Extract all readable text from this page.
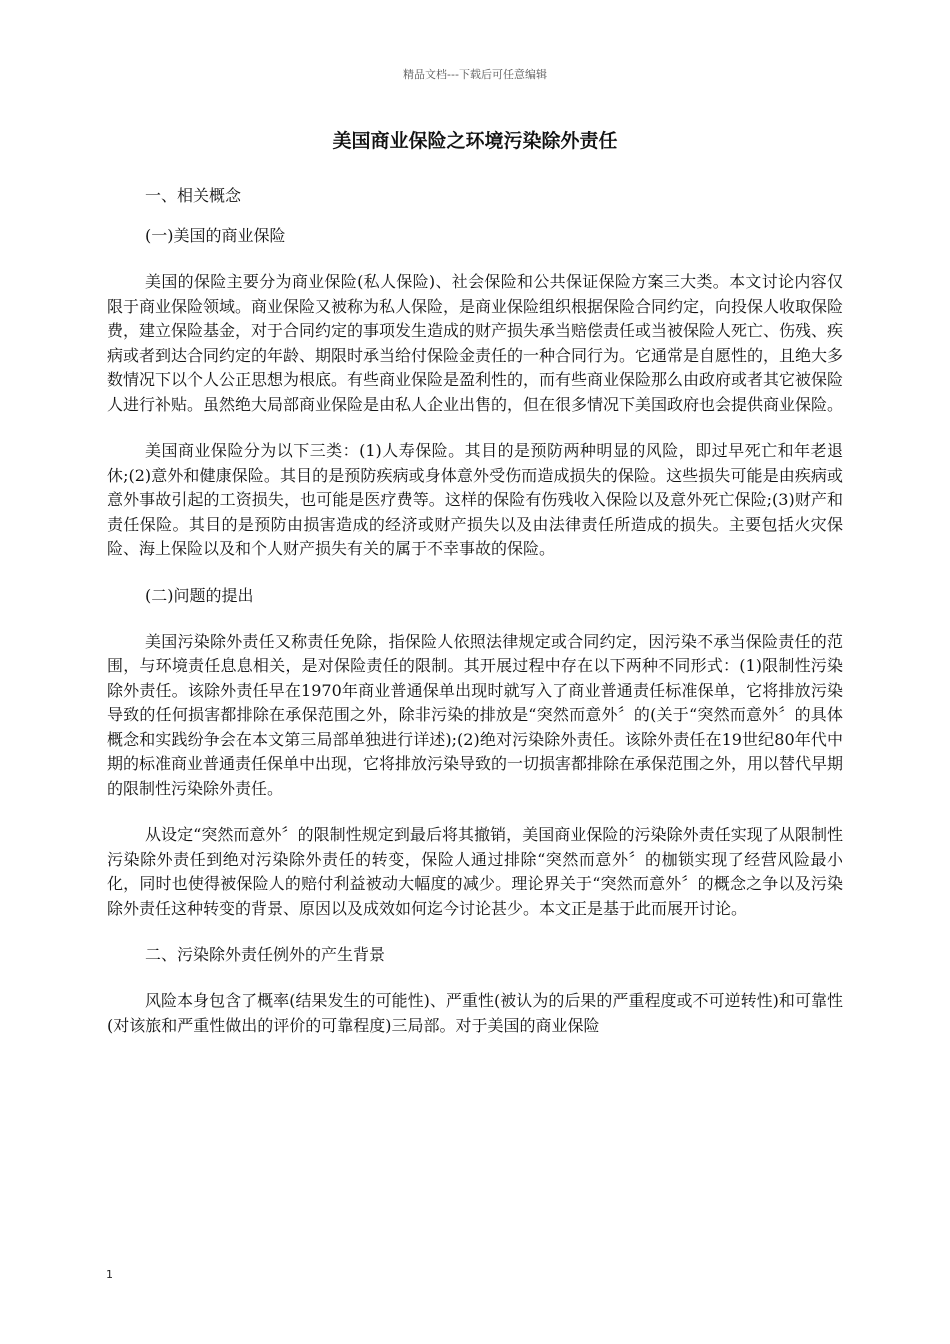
精品文档---下载后可任意编辑
美国商业保险之环境污染除外责任

一、相关概念

(一)美国的商业保险

美国的保险主要分为商业保险(私人保险)、社会保险和公共保证保险方案三大类。本文讨论内容仅限于商业保险领域。商业保险又被称为私人保险，是商业保险组织根据保险合同约定，向投保人收取保险费，建立保险基金，对于合同约定的事项发生造成的财产损失承当赔偿责任或当被保险人死亡、伤残、疾病或者到达合同约定的年龄、期限时承当给付保险金责任的一种合同行为。它通常是自愿性的，且绝大多数情况下以个人公正思想为根底。有些商业保险是盈利性的，而有些商业保险那么由政府或者其它被保险人进行补贴。虽然绝大局部商业保险是由私人企业出售的，但在很多情况下美国政府也会提供商业保险。

美国商业保险分为以下三类：(1)人寿保险。其目的是预防两种明显的风险，即过早死亡和年老退休;(2)意外和健康保险。其目的是预防疾病或身体意外受伤而造成损失的保险。这些损失可能是由疾病或意外事故引起的工资损失，也可能是医疗费等。这样的保险有伤残收入保险以及意外死亡保险;(3)财产和责任保险。其目的是预防由损害造成的经济或财产损失以及由法律责任所造成的损失。主要包括火灾保险、海上保险以及和个人财产损失有关的属于不幸事故的保险。

(二)问题的提出

美国污染除外责任又称责任免除，指保险人依照法律规定或合同约定，因污染不承当保险责任的范围，与环境责任息息相关，是对保险责任的限制。其开展过程中存在以下两种不同形式：(1)限制性污染除外责任。该除外责任早在1970年商业普通保单出现时就写入了商业普通责任标准保单，它将排放污染导致的任何损害都排除在承保范围之外，除非污染的排放是“突然而意外〞的(关于“突然而意外〞的具体概念和实践纷争会在本文第三局部单独进行详述);(2)绝对污染除外责任。该除外责任在19世纪80年代中期的标准商业普通责任保单中出现，它将排放污染导致的一切损害都排除在承保范围之外，用以替代早期的限制性污染除外责任。

从设定“突然而意外〞的限制性规定到最后将其撤销，美国商业保险的污染除外责任实现了从限制性污染除外责任到绝对污染除外责任的转变，保险人通过排除“突然而意外〞的枷锁实现了经营风险最小化，同时也使得被保险人的赔付利益被动大幅度的减少。理论界关于“突然而意外〞的概念之争以及污染除外责任这种转变的背景、原因以及成效如何迄今讨论甚少。本文正是基于此而展开讨论。

二、污染除外责任例外的产生背景

风险本身包含了概率(结果发生的可能性)、严重性(被认为的后果的严重程度或不可逆转性)和可靠性(对该旅和严重性做出的评价的可靠程度)三局部。对于美国的商业保险

1
